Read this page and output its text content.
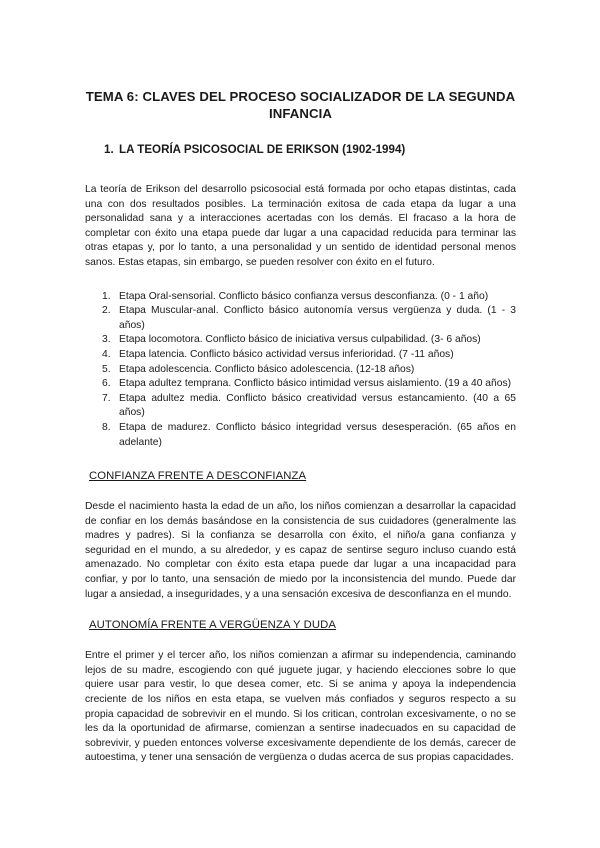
TEMA 6: CLAVES DEL PROCESO SOCIALIZADOR DE LA SEGUNDA INFANCIA
1. LA TEORÍA PSICOSOCIAL DE ERIKSON (1902-1994)

La teoría de Erikson del desarrollo psicosocial está formada por ocho etapas distintas, cada una con dos resultados posibles. La terminación exitosa de cada etapa da lugar a una personalidad sana y a interacciones acertadas con los demás. El fracaso a la hora de completar con éxito una etapa puede dar lugar a una capacidad reducida para terminar las otras etapas y, por lo tanto, a una personalidad y un sentido de identidad personal menos sanos. Estas etapas, sin embargo, se pueden resolver con éxito en el futuro.

1. Etapa Oral-sensorial. Conflicto básico confianza versus desconfianza. (0 - 1 año)
2. Etapa Muscular-anal. Conflicto básico autonomía versus vergüenza y duda. (1 - 3 años)
3. Etapa locomotora. Conflicto básico de iniciativa versus culpabilidad. (3- 6 años)
4. Etapa latencia. Conflicto básico actividad versus inferioridad. (7 -11 años)
5. Etapa adolescencia. Conflicto básico adolescencia. (12-18 años)
6. Etapa adultez temprana. Conflicto básico intimidad versus aislamiento. (19 a 40 años)
7. Etapa adultez media. Conflicto básico creatividad versus estancamiento. (40 a 65 años)
8. Etapa de madurez. Conflicto básico integridad versus desesperación. (65 años en adelante)
CONFIANZA FRENTE A DESCONFIANZA

Desde el nacimiento hasta la edad de un año, los niños comienzan a desarrollar la capacidad de confiar en los demás basándose en la consistencia de sus cuidadores (generalmente las madres y padres). Si la confianza se desarrolla con éxito, el niño/a gana confianza y seguridad en el mundo, a su alrededor, y es capaz de sentirse seguro incluso cuando está amenazado. No completar con éxito esta etapa puede dar lugar a una incapacidad para confiar, y por lo tanto, una sensación de miedo por la inconsistencia del mundo. Puede dar lugar a ansiedad, a inseguridades, y a una sensación excesiva de desconfianza en el mundo.

AUTONOMÍA FRENTE A VERGÜENZA Y DUDA

Entre el primer y el tercer año, los niños comienzan a afirmar su independencia, caminando lejos de su madre, escogiendo con qué juguete jugar, y haciendo elecciones sobre lo que quiere usar para vestir, lo que desea comer, etc. Si se anima y apoya la independencia creciente de los niños en esta etapa, se vuelven más confiados y seguros respecto a su propia capacidad de sobrevivir en el mundo. Si los critican, controlan excesivamente, o no se les da la oportunidad de afirmarse, comienzan a sentirse inadecuados en su capacidad de sobrevivir, y pueden entonces volverse excesivamente dependiente de los demás, carecer de autoestima, y tener una sensación de vergüenza o dudas acerca de sus propias capacidades.
